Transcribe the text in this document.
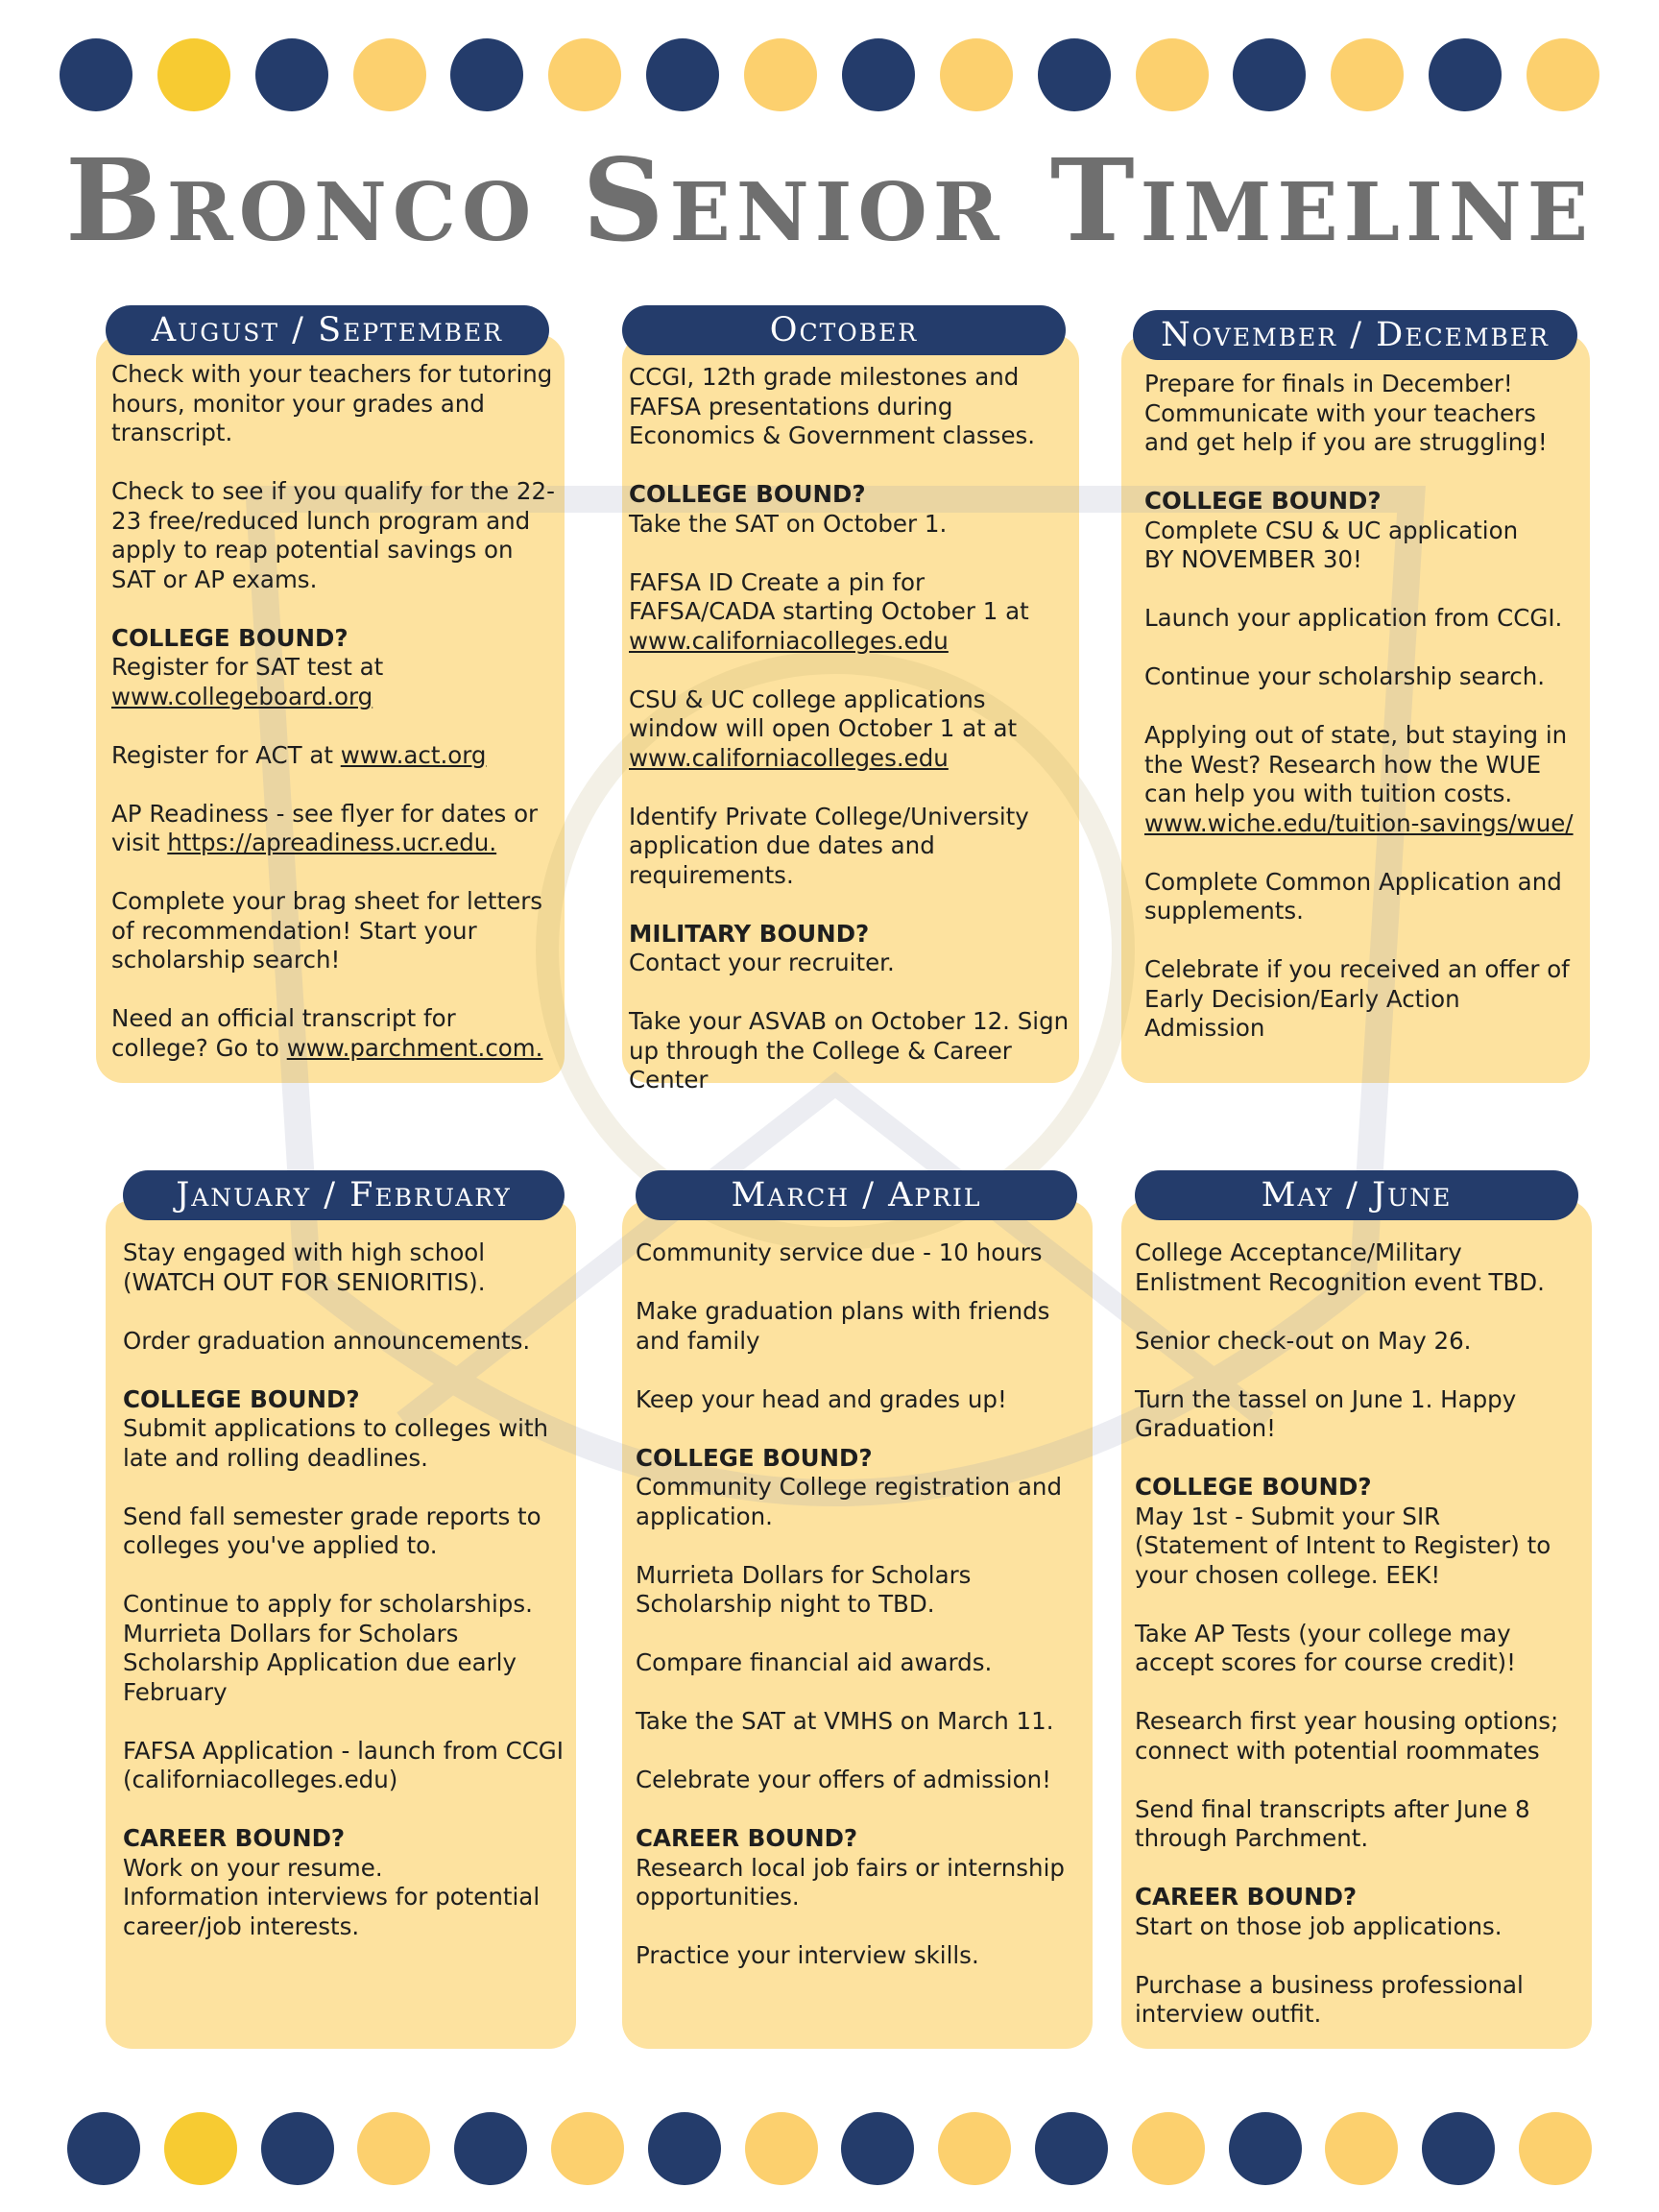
Bronco Senior Timeline
August / September

Check with your teachers for tutoring hours, monitor your grades and transcript.

Check to see if you qualify for the 22-23 free/reduced lunch program and apply to reap potential savings on SAT or AP exams.

COLLEGE BOUND?
Register for SAT test at www.collegeboard.org

Register for ACT at www.act.org

AP Readiness - see flyer for dates or visit https://apreadiness.ucr.edu.

Complete your brag sheet for letters of recommendation! Start your scholarship search!

Need an official transcript for college? Go to www.parchment.com.

October

CCGI, 12th grade milestones and FAFSA presentations during Economics & Government classes.

COLLEGE BOUND?
Take the SAT on October 1.

FAFSA ID Create a pin for FAFSA/CADA starting October 1 at www.californiacolleges.edu

CSU & UC college applications window will open October 1 at at www.californiacolleges.edu

Identify Private College/University application due dates and requirements.

MILITARY BOUND?
Contact your recruiter.

Take your ASVAB on October 12. Sign up through the College & Career Center

November / December

Prepare for finals in December! Communicate with your teachers and get help if you are struggling!

COLLEGE BOUND?
Complete CSU & UC application
BY NOVEMBER 30!

Launch your application from CCGI.

Continue your scholarship search.

Applying out of state, but staying in the West? Research how the WUE can help you with tuition costs. www.wiche.edu/tuition-savings/wue/

Complete Common Application and supplements.

Celebrate if you received an offer of Early Decision/Early Action Admission

January / February

Stay engaged with high school (WATCH OUT FOR SENIORITIS).

Order graduation announcements.

COLLEGE BOUND?
Submit applications to colleges with late and rolling deadlines.

Send fall semester grade reports to colleges you've applied to.

Continue to apply for scholarships. Murrieta Dollars for Scholars Scholarship Application due early February

FAFSA Application - launch from CCGI (californiacolleges.edu)

CAREER BOUND?
Work on your resume.
Information interviews for potential career/job interests.

March / April

Community service due - 10 hours

Make graduation plans with friends and family

Keep your head and grades up!

COLLEGE BOUND?
Community College registration and application.

Murrieta Dollars for Scholars Scholarship night to TBD.

Compare financial aid awards.

Take the SAT at VMHS on March 11.

Celebrate your offers of admission!

CAREER BOUND?
Research local job fairs or internship opportunities.

Practice your interview skills.

May / June

College Acceptance/Military Enlistment Recognition event TBD.

Senior check-out on May 26.

Turn the tassel on June 1. Happy Graduation!

COLLEGE BOUND?
May 1st - Submit your SIR (Statement of Intent to Register) to your chosen college. EEK!

Take AP Tests (your college may accept scores for course credit)!

Research first year housing options; connect with potential roommates

Send final transcripts after June 8 through Parchment.

CAREER BOUND?
Start on those job applications.

Purchase a business professional interview outfit.
